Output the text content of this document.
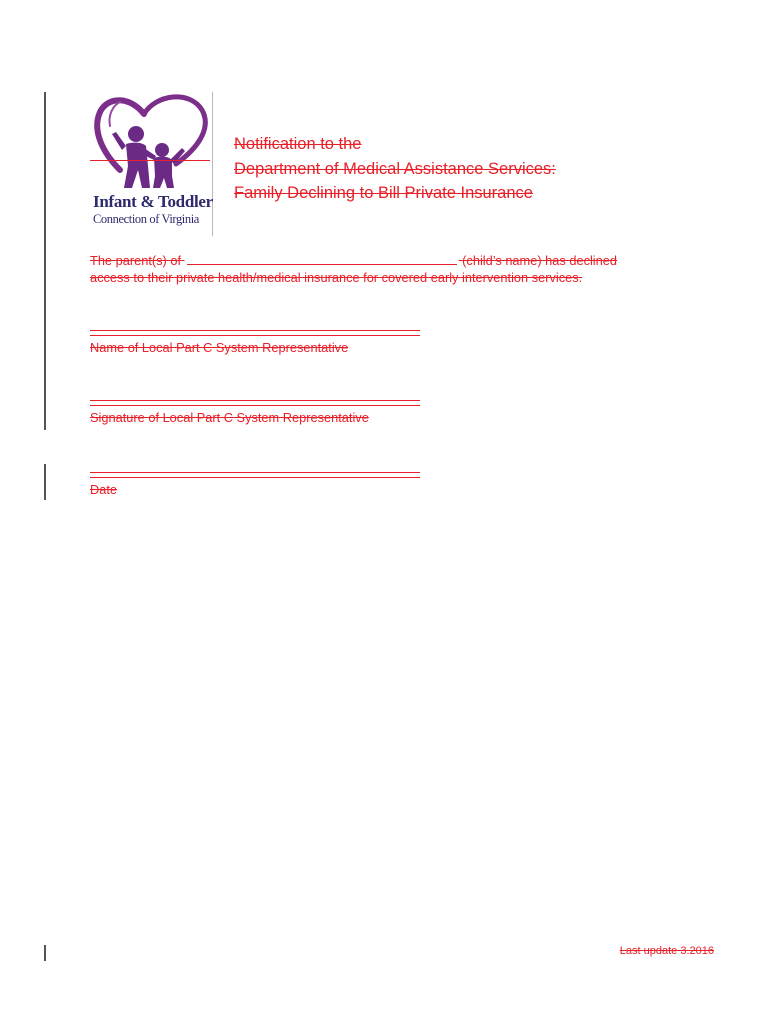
Infant & Toddler
Connection of Virginia
Notification to the
Department of Medical Assistance Services:
Family Declining to Bill Private Insurance
The parent(s) of	(child’s name) has declined
access to their private health/medical insurance for covered early intervention services.
Name of Local Part C System Representative
Signature of Local Part C System Representative
Date
Last update 3.2016
